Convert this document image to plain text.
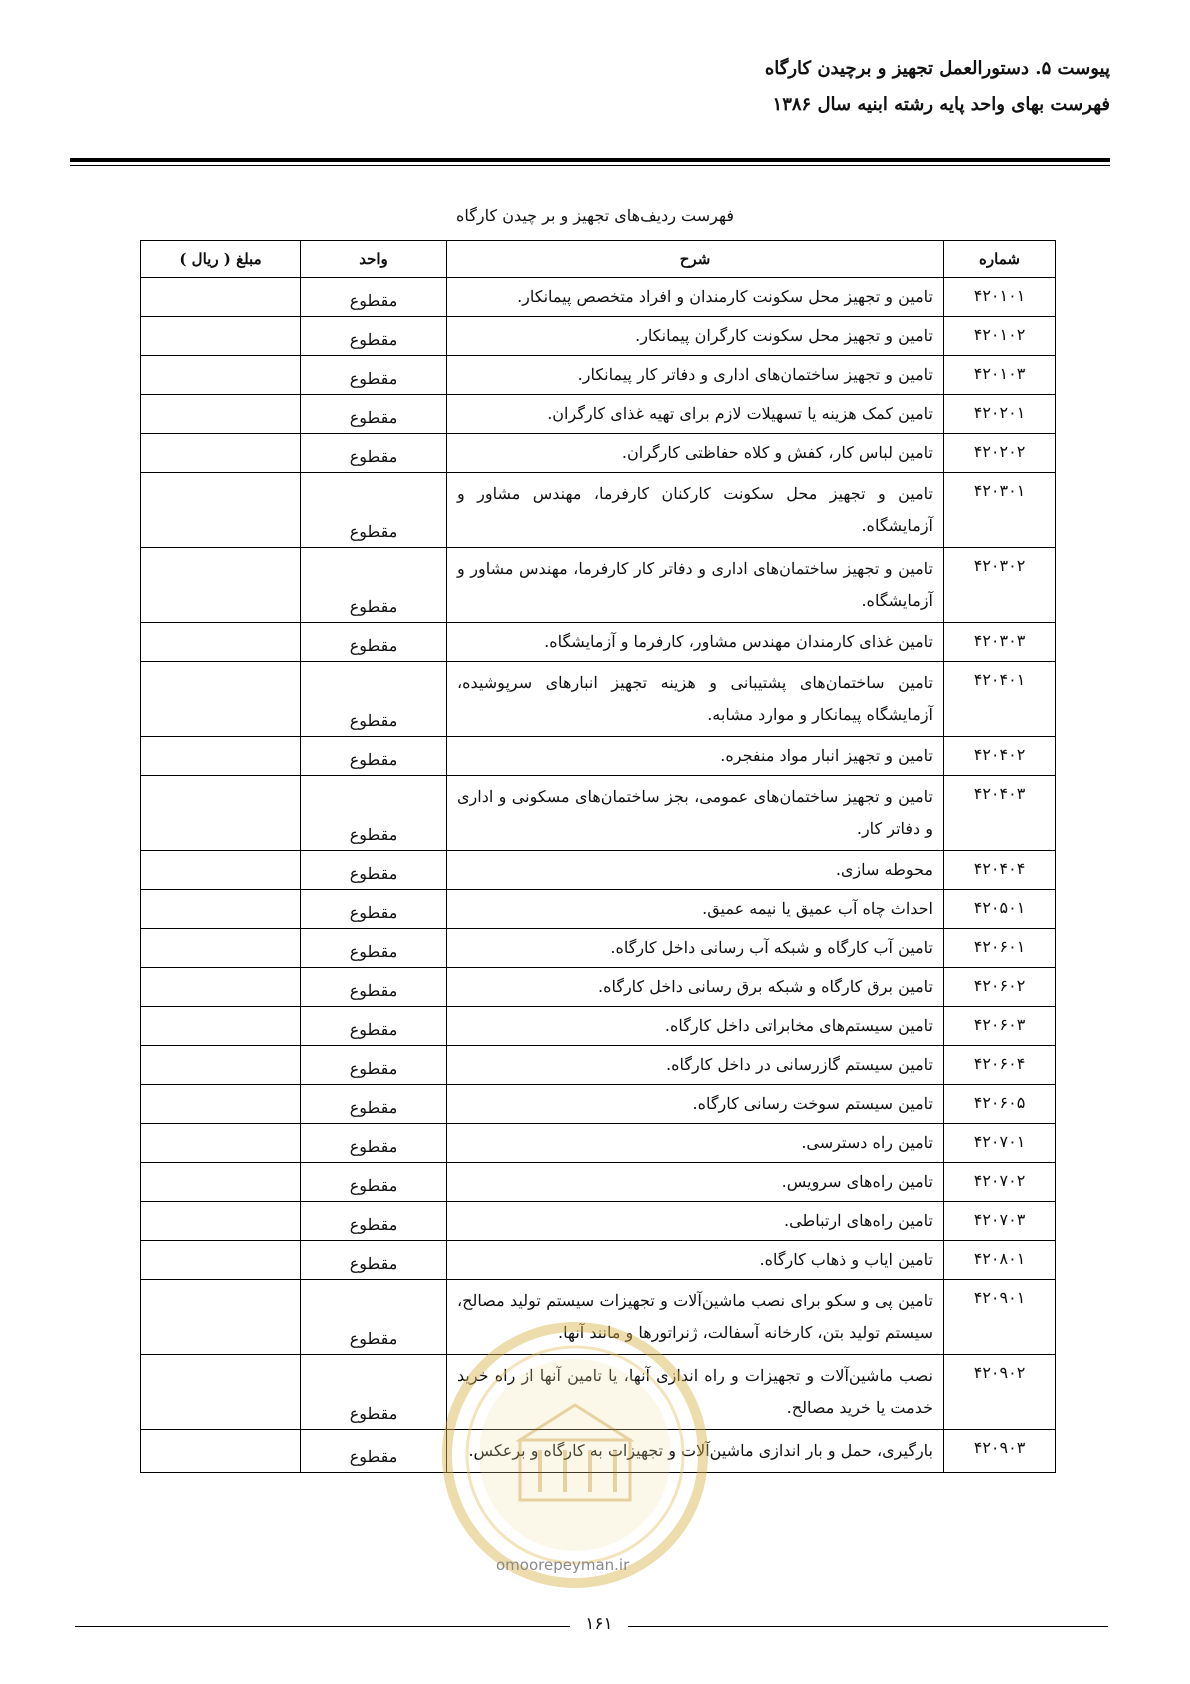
پیوست ۵. دستورالعمل تجهیز و برچیدن کارگاه
فهرست بهای واحد پایه رشته ابنیه سال ۱۳۸۶
فهرست ردیف‌های تجهیز و بر چیدن کارگاه
شماره	شرح	واحد	مبلغ ( ریال )
۴۲۰۱۰۱	تامین و تجهیز محل سکونت کارمندان و افراد متخصص پیمانکار.	مقطوع	
۴۲۰۱۰۲	تامین و تجهیز محل سکونت کارگران پیمانکار.	مقطوع	
۴۲۰۱۰۳	تامین و تجهیز ساختمان‌های اداری و دفاتر کار پیمانکار.	مقطوع	
۴۲۰۲۰۱	تامین کمک هزینه یا تسهیلات لازم برای تهیه غذای کارگران.	مقطوع	
۴۲۰۲۰۲	تامین لباس کار، کفش و کلاه حفاظتی کارگران.	مقطوع	
۴۲۰۳۰۱	تامین و تجهیز محل سکونت کارکنان کارفرما، مهندس مشاور و آزمایشگاه.	مقطوع	
۴۲۰۳۰۲	تامین و تجهیز ساختمان‌های اداری و دفاتر کار کارفرما، مهندس مشاور و آزمایشگاه.	مقطوع	
۴۲۰۳۰۳	تامین غذای کارمندان مهندس مشاور، کارفرما و آزمایشگاه.	مقطوع	
۴۲۰۴۰۱	تامین ساختمان‌های پشتیبانی و هزینه تجهیز انبارهای سرپوشیده، آزمایشگاه پیمانکار و موارد مشابه.	مقطوع	
۴۲۰۴۰۲	تامین و تجهیز انبار مواد منفجره.	مقطوع	
۴۲۰۴۰۳	تامین و تجهیز ساختمان‌های عمومی، بجز ساختمان‌های مسکونی و اداری و دفاتر کار.	مقطوع	
۴۲۰۴۰۴	محوطه سازی.	مقطوع	
۴۲۰۵۰۱	احداث چاه آب عمیق یا نیمه عمیق.	مقطوع	
۴۲۰۶۰۱	تامین آب کارگاه و شبکه آب رسانی داخل کارگاه.	مقطوع	
۴۲۰۶۰۲	تامین برق کارگاه و شبکه برق رسانی داخل کارگاه.	مقطوع	
۴۲۰۶۰۳	تامین سیستم‌های مخابراتی داخل کارگاه.	مقطوع	
۴۲۰۶۰۴	تامین سیستم گازرسانی در داخل کارگاه.	مقطوع	
۴۲۰۶۰۵	تامین سیستم سوخت رسانی کارگاه.	مقطوع	
۴۲۰۷۰۱	تامین راه دسترسی.	مقطوع	
۴۲۰۷۰۲	تامین راه‌های سرویس.	مقطوع	
۴۲۰۷۰۳	تامین راه‌های ارتباطی.	مقطوع	
۴۲۰۸۰۱	تامین ایاب و ذهاب کارگاه.	مقطوع	
۴۲۰۹۰۱	تامین پی و سکو برای نصب ماشین‌آلات و تجهیزات سیستم تولید مصالح، سیستم تولید بتن، کارخانه آسفالت، ژنراتورها و مانند آنها.	مقطوع	
۴۲۰۹۰۲	نصب ماشین‌آلات و تجهیزات و راه اندازی آنها، یا تامین آنها از راه خرید خدمت یا خرید مصالح.	مقطوع	
۴۲۰۹۰۳	بارگیری، حمل و بار اندازی ماشین‌آلات و تجهیزات به کارگاه و برعکس.	مقطوع	
omoorepeyman.ir
۱۶۱
